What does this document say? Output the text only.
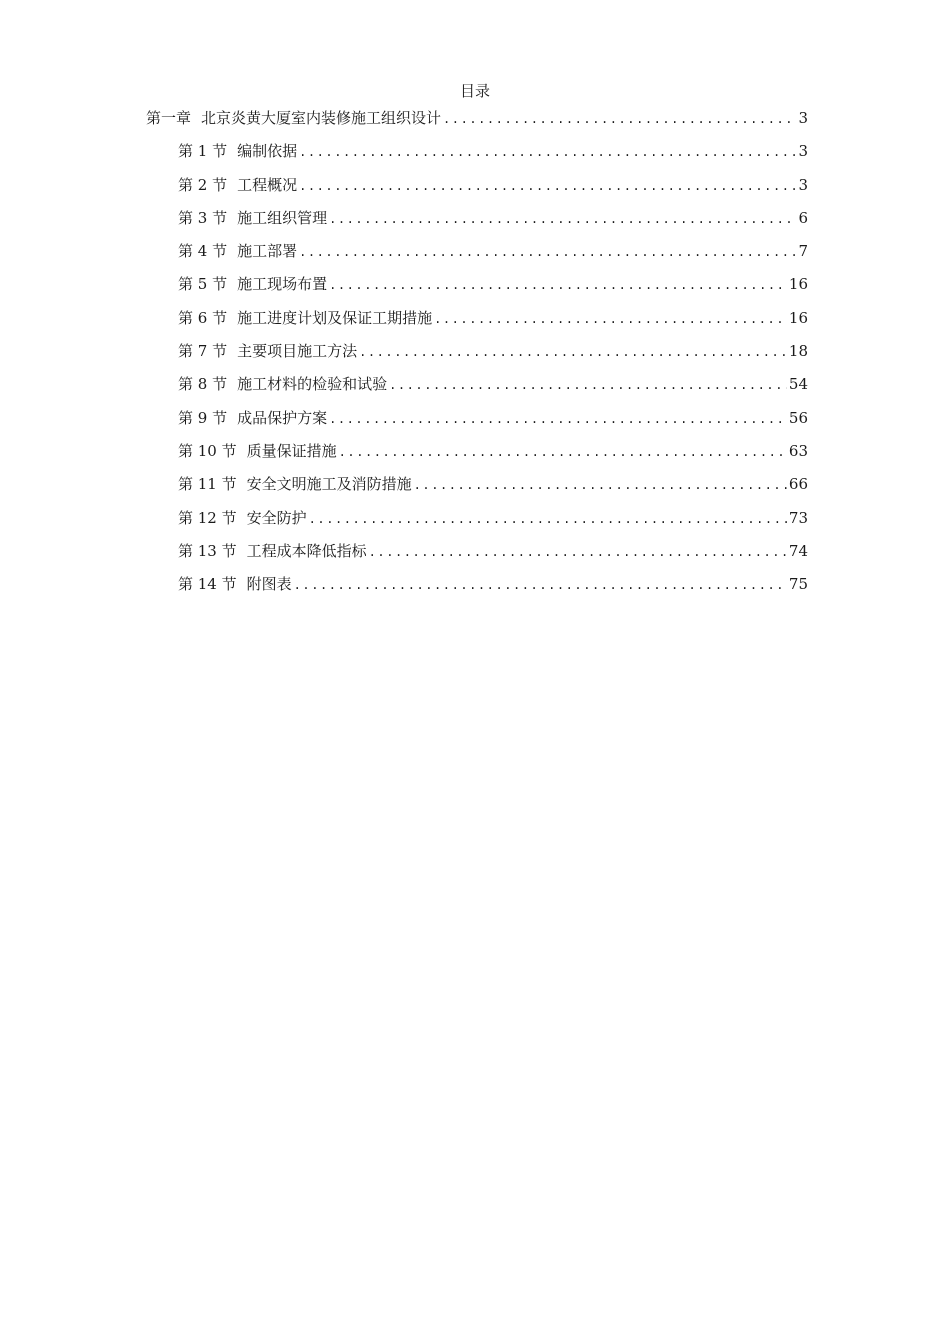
目录
第一章 北京炎黄大厦室内装修施工组织设计 .....	3
第 1 节 编制依据 .....	3
第 2 节 工程概况 .....	3
第 3 节 施工组织管理 .....	6
第 4 节 施工部署 .....	7
第 5 节 施工现场布置 .....	16
第 6 节 施工进度计划及保证工期措施 .....	16
第 7 节 主要项目施工方法 .....	18
第 8 节 施工材料的检验和试验 .....	54
第 9 节 成品保护方案 .....	56
第 10 节 质量保证措施 .....	63
第 11 节 安全文明施工及消防措施 .....	66
第 12 节 安全防护 .....	73
第 13 节 工程成本降低指标 .....	74
第 14 节 附图表 .....	75
